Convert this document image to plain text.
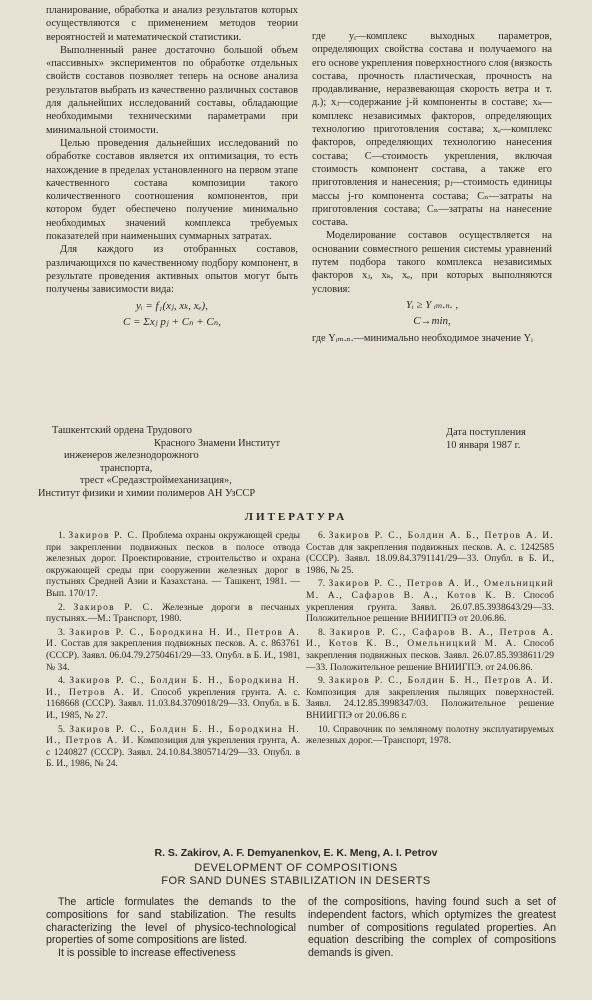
планирование, обработка и анализ результатов которых осуществляются с применением методов теории вероятностей и математической статистики.

Выполненный ранее достаточно большой объем «пассивных» экспериментов по обработке отдельных свойств составов позволяет теперь на основе анализа результатов выбрать из качественно различных составов для дальнейших исследований составы, обладающие необходимыми техническими параметрами при минимальной стоимости.

Целью проведения дальнейших исследований по обработке составов является их оптимизация, то есть нахождение в пределах установленного на первом этапе качественного состава композиции такого количественного соотношения компонентов, при котором будет обеспечено получение минимально необходимых значений комплекса требуемых показателей при наименьших суммарных затратах.

Для каждого из отобранных составов, различающихся по качественному подбору компонент, в результате проведения активных опытов могут быть получены зависимости вида:

yᵢ = f₁(xⱼ, xₖ, xₑ),
C = Σxⱼ pⱼ + Cₙ + Cₙ,

где yᵢ—комплекс выходных параметров, определяющих свойства состава и получаемого на его основе укрепления поверхностного слоя (вязкость состава, прочность пластическая, прочность на продавливание, неразвевающая скорость ветра и т. д.); xⱼ—содержание j-й компоненты в составе; xₖ—комплекс независимых факторов, определяющих технологию приготовления состава; xₑ—комплекс факторов, определяющих технологию нанесения состава; C—стоимость укрепления, включая стоимость компонент состава, а также его приготовления и нанесения; pⱼ—стоимость единицы массы j-го компонента состава; Cₙ—затраты на приготовления состава; Cₙ—затраты на нанесение состава.

Моделирование составов осуществляется на основании совместного решения системы уравнений путем подбора такого комплекса независимых факторов xⱼ, xₖ, xₑ, при которых выполняются условия:

Yᵢ ≥ Y ᵢₘ.ₙ. ,
C→min,

где Yᵢₘ.ₙ.—минимально необходимое значение Yᵢ

Ташкентский ордена Трудового

Красного Знамени Институт

инженеров железнодорожного

транспорта,

трест «Средазстроймеханизация»,

Институт физики и химии полимеров АН УзССР

Дата поступления
10 января 1987 г.
ЛИТЕРАТУРА

1. Закиров Р. С. Проблема охраны окружающей среды при закреплении подвижных песков в полосе отвода железных дорог. Проектирование, строительство и охрана окружающей среды при сооружении железных дорог в пустынях Средней Азии и Казахстана. — Ташкент, 1981. — Вып. 170/17.

2. Закиров Р. С. Железные дороги в песчаных пустынях.—М.: Транспорт, 1980.

3. Закиров Р. С., Бородкина Н. И., Петров А. И. Состав для закрепления подвижных песков. А. с. 863761 (СССР). Заявл. 06.04.79.2750461/29—33. Опубл. в Б. И., 1981, № 34.

4. Закиров Р. С., Болдин Б. Н., Бородкина Н. И., Петров А. И. Способ укрепления грунта. А. с. 1168668 (СССР). Заявл. 11.03.84.3709018/29—33. Опубл. в Б. И., 1985, № 27.

5. Закиров Р. С., Болдин Б. Н., Бородкина Н. И., Петров А. И. Композиция для укрепления грунта, А. с 1240827 (СССР). Заявл. 24.10.84.3805714/29—33. Опубл. в Б. И., 1986, № 24.

6. Закиров Р. С., Болдин А. Б., Петров А. И. Состав для закрепления подвижных песков. А. с. 1242585 (СССР). Заявл. 18.09.84.3791141/29—33. Опубл. в Б. И., 1986, № 25.

7. Закиров Р. С., Петров А. И., Омельницкий М. А., Сафаров В. А., Котов К. В. Способ укрепления грунта. Заявл. 26.07.85.3938643/29—33. Положительное решение ВНИИГПЭ от 20.06.86.

8. Закиров Р. С., Сафаров В. А., Петров А. И., Котов К. В., Омельницкий М. А. Способ закрепления подвижных песков. Заявл. 26.07.85.3938611/29—33. Положительное решение ВНИИГПЭ. от 24.06.86.

9. Закиров Р. С., Болдин Б. Н., Петров А. И. Композиция для закрепления пылящих поверхностей. Заявл. 24.12.85.3998347/03. Положительное решение ВНИИГПЭ от 20.06.86 г.

10. Справочник по земляному полотну эксплуатируемых железных дорог.—Транспорт, 1978.

R. S. Zakirov, A. F. Demyanenkov, E. K. Meng, A. I. Petrov
DEVELOPMENT OF COMPOSITIONS
FOR SAND DUNES STABILIZATION IN DESERTS

The article formulates the demands to the compositions for sand stabilization. The results characterizing the level of physico-technological properties of some compositions are listed.

It is possible to increase effectiveness

of the compositions, having found such a set of independent factors, which optymizes the greatest number of compositions regulated properties. An equation describing the complex of compositions demands is given.
